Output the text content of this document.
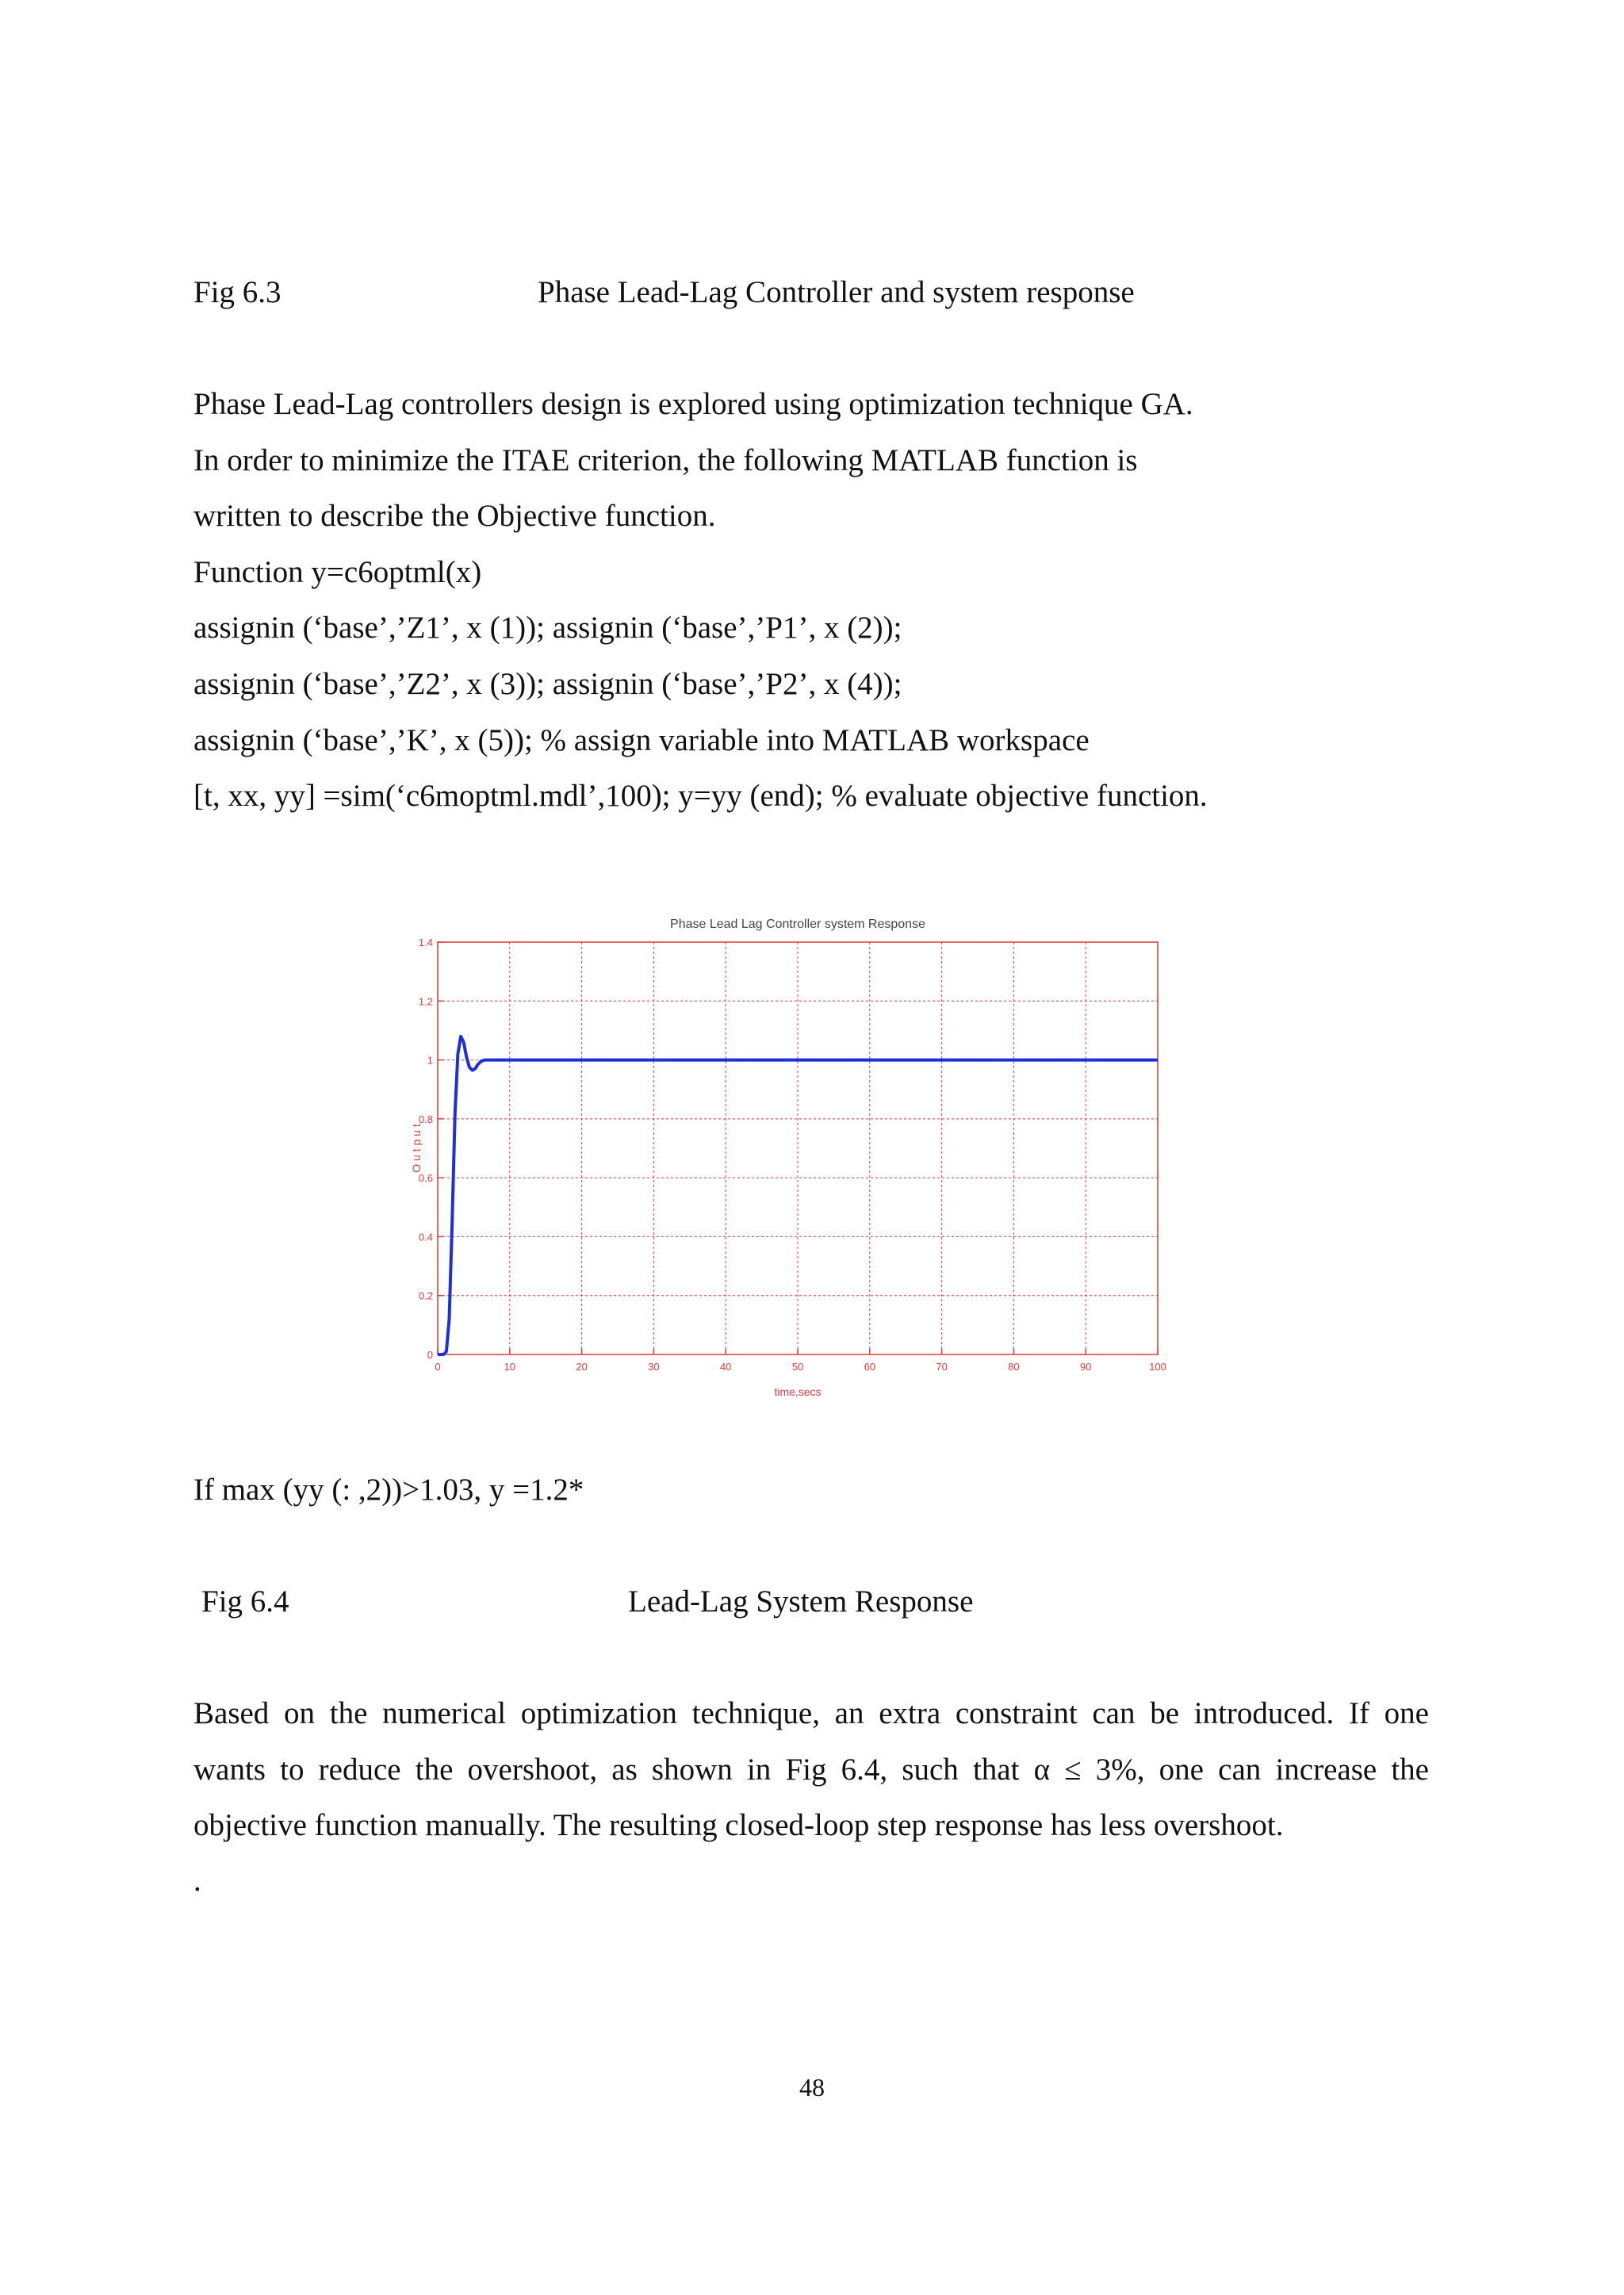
Fig 6.3	Phase Lead-Lag Controller and system response
Phase Lead-Lag controllers design is explored using optimization technique GA.
In order to minimize the ITAE criterion, the following MATLAB function is
written to describe the Objective function.
Function y=c6optml(x)
assignin (‘base’,’Z1’, x (1)); assignin (‘base’,’P1’, x (2));
assignin (‘base’,’Z2’, x (3)); assignin (‘base’,’P2’, x (4));
assignin (‘base’,’K’, x (5)); % assign variable into MATLAB workspace
[t, xx, yy] =sim(‘c6moptml.mdl’,100); y=yy (end); % evaluate objective function.
0	10	20	30	40	50	60	70	80	90	100
0
0.2
0.4
0.6
0.8
1
1.2
1.4
Phase Lead Lag Controller system Response
time,secs
O u t p u t
If max (yy (: ,2))>1.03, y =1.2*
Fig 6.4	Lead-Lag System Response
Based on the numerical optimization technique, an extra constraint can be introduced. If one
wants to reduce the overshoot, as shown in Fig 6.4, such that α ≤ 3%, one can increase the
objective function manually. The resulting closed-loop step response has less overshoot.
.
48
